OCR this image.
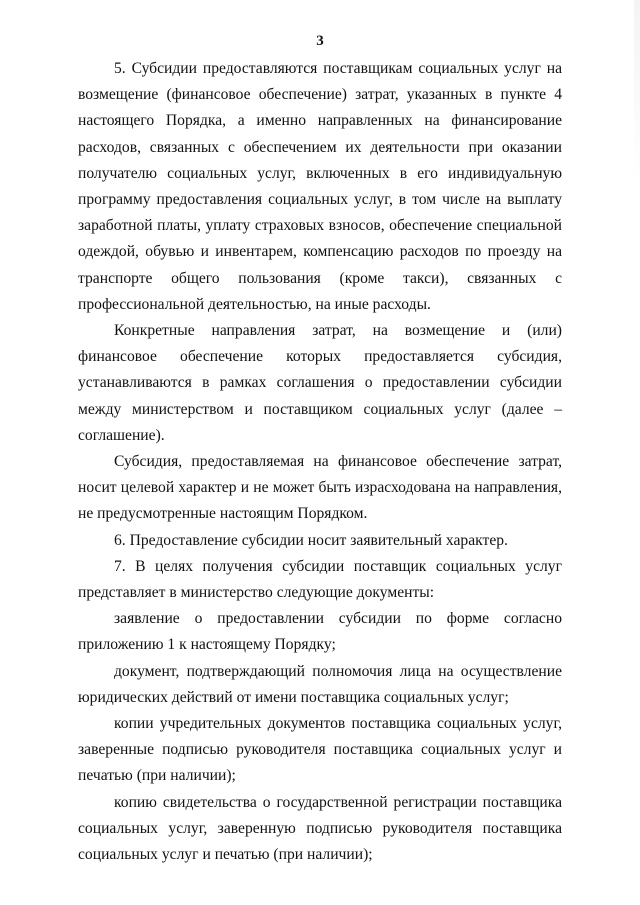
3

5. Субсидии предоставляются поставщикам социальных услуг на возмещение (финансовое обеспечение) затрат, указанных в пункте 4 настоящего Порядка, а именно направленных на финансирование расходов, связанных с обеспечением их деятельности при оказании получателю социальных услуг, включенных в его индивидуальную программу предоставления социальных услуг, в том числе на выплату заработной платы, уплату страховых взносов, обеспечение специальной одеждой, обувью и инвентарем, компенсацию расходов по проезду на транспорте общего пользования (кроме такси), связанных с профессиональной деятельностью, на иные расходы.

Конкретные направления затрат, на возмещение и (или) финансовое обеспечение которых предоставляется субсидия, устанавливаются в рамках соглашения о предоставлении субсидии между министерством и поставщиком социальных услуг (далее – соглашение).

Субсидия, предоставляемая на финансовое обеспечение затрат, носит целевой характер и не может быть израсходована на направления, не предусмотренные настоящим Порядком.

6. Предоставление субсидии носит заявительный характер.

7. В целях получения субсидии поставщик социальных услуг представляет в министерство следующие документы:

заявление о предоставлении субсидии по форме согласно приложению 1 к настоящему Порядку;

документ, подтверждающий полномочия лица на осуществление юридических действий от имени поставщика социальных услуг;

копии учредительных документов поставщика социальных услуг, заверенные подписью руководителя поставщика социальных услуг и печатью (при наличии);

копию свидетельства о государственной регистрации поставщика социальных услуг, заверенную подписью руководителя поставщика социальных услуг и печатью (при наличии);
